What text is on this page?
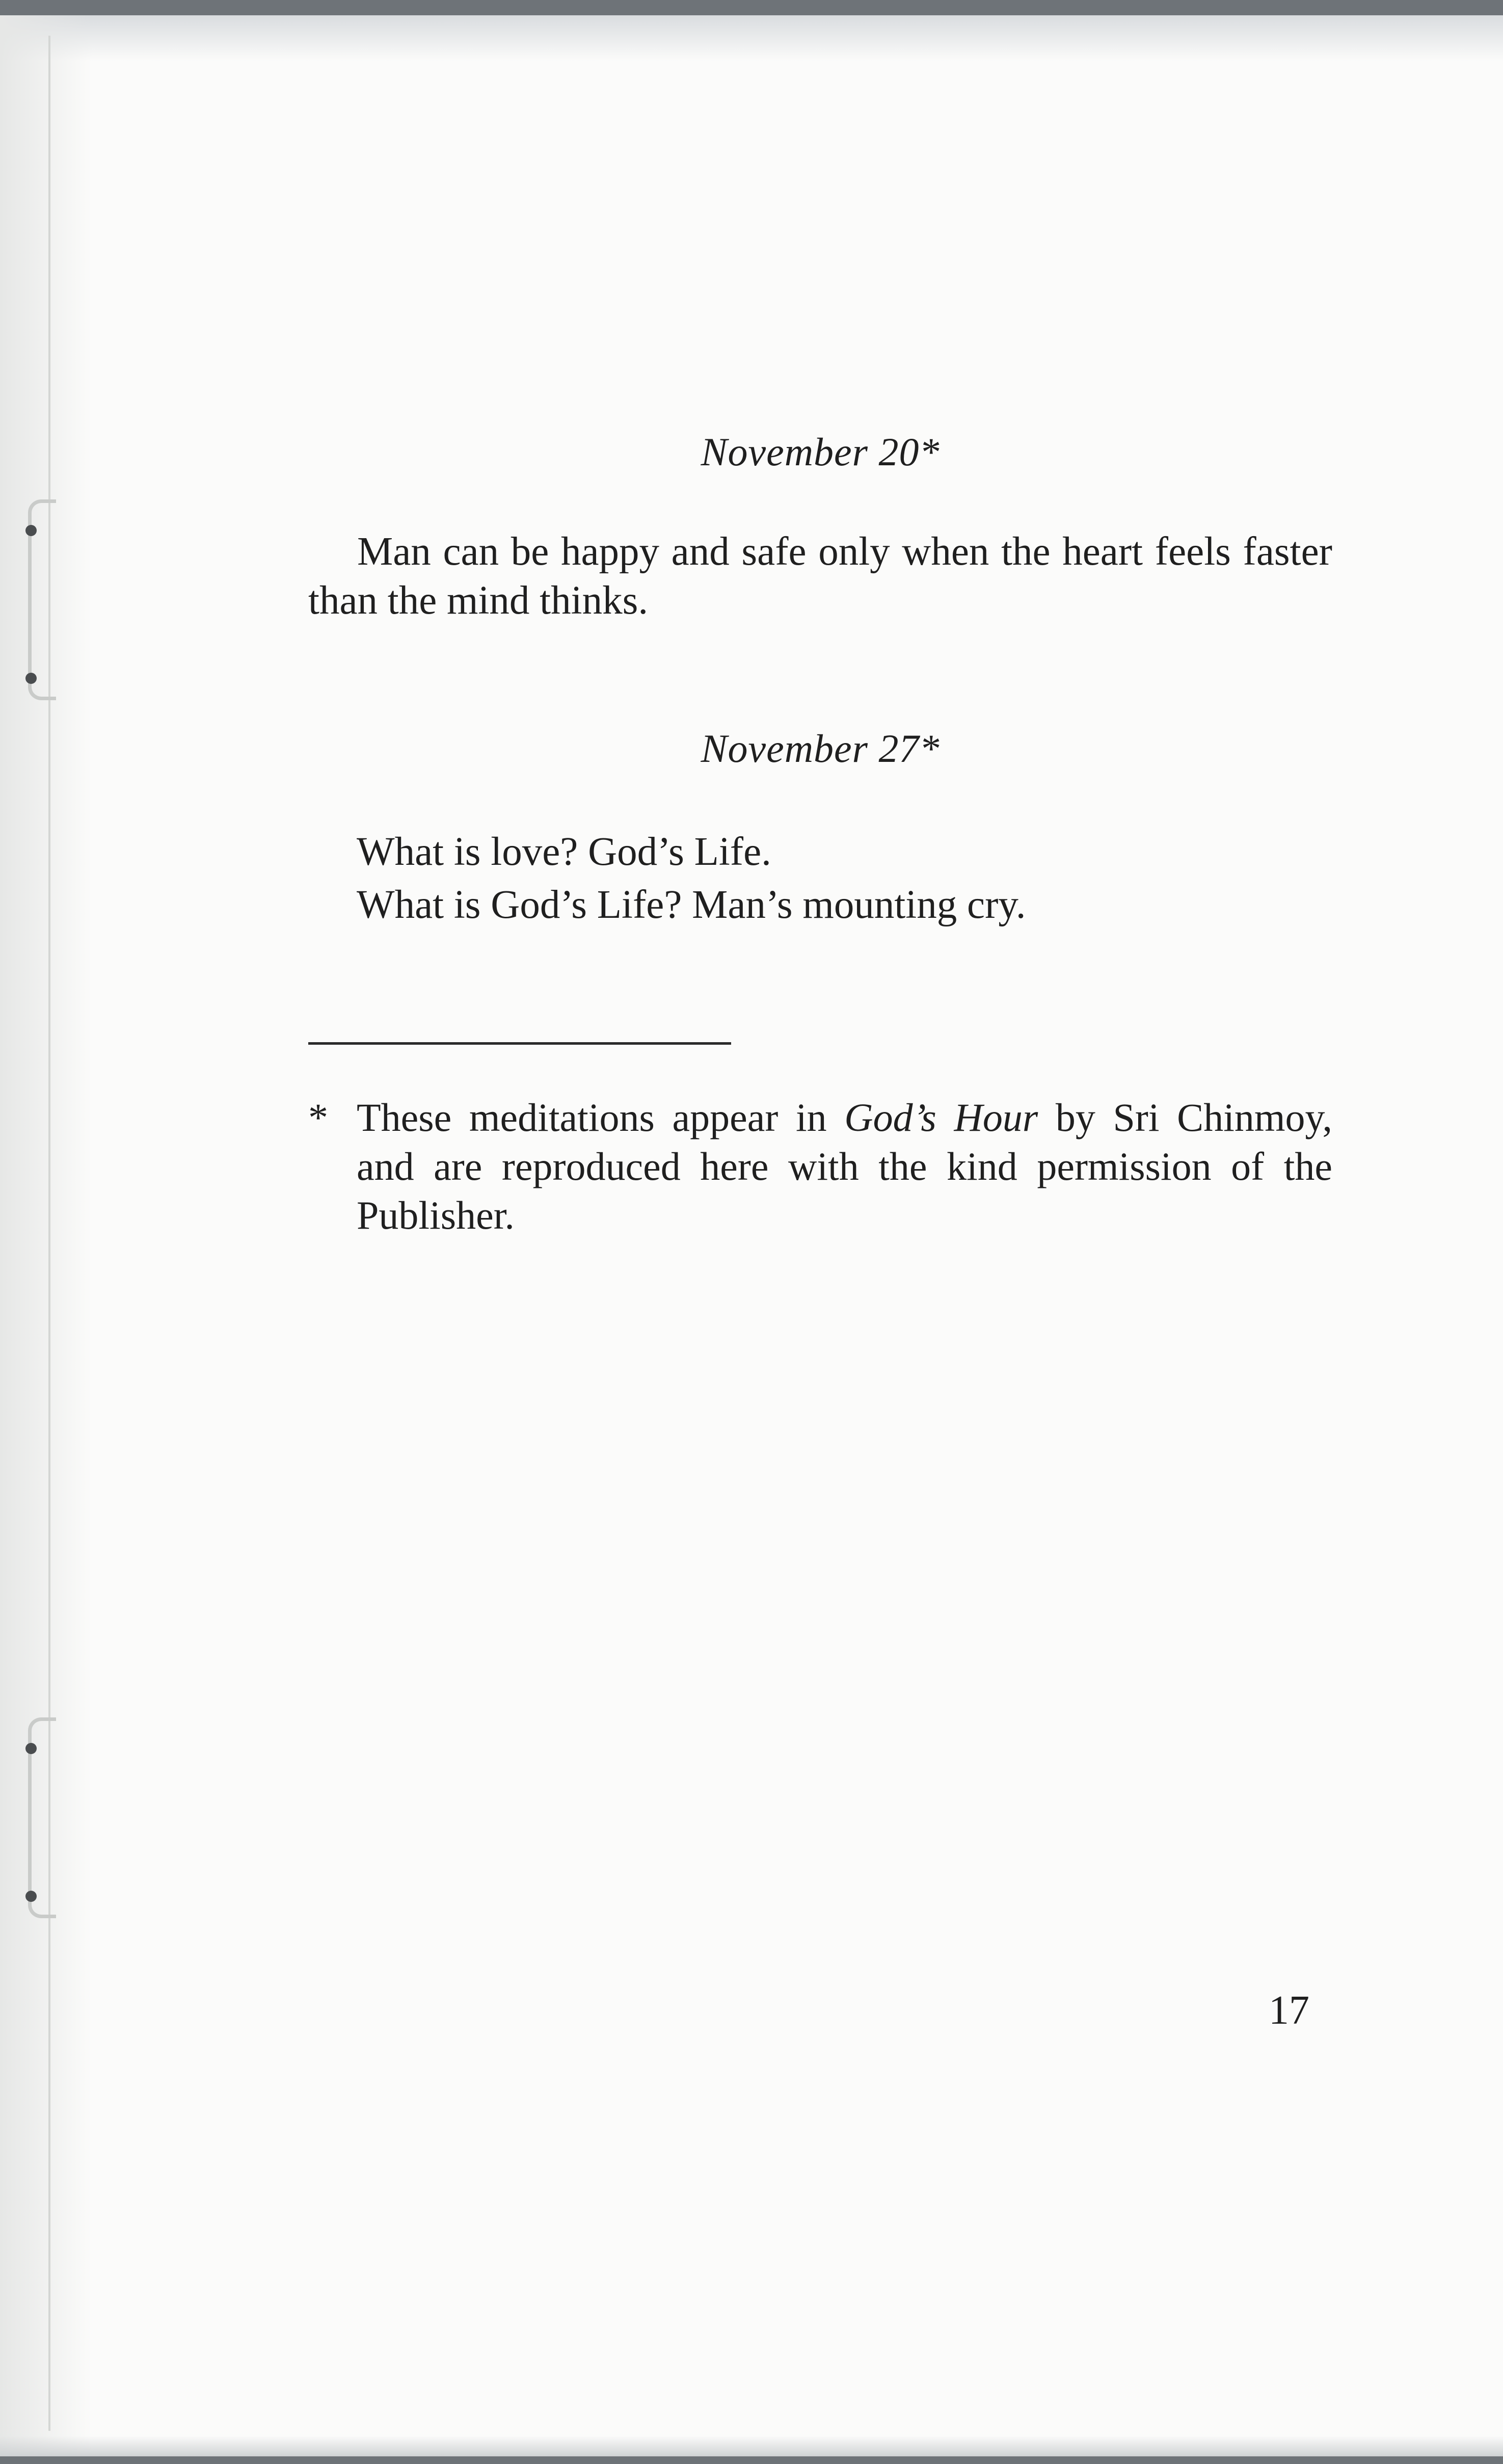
November 20*
Man can be happy and safe only when the heart feels faster than the mind thinks.
November 27*
What is love? God’s Life.
What is God’s Life? Man’s mounting cry.
* These meditations appear in God’s Hour by Sri Chinmoy, and are reproduced here with the kind permission of the Publisher.
17
